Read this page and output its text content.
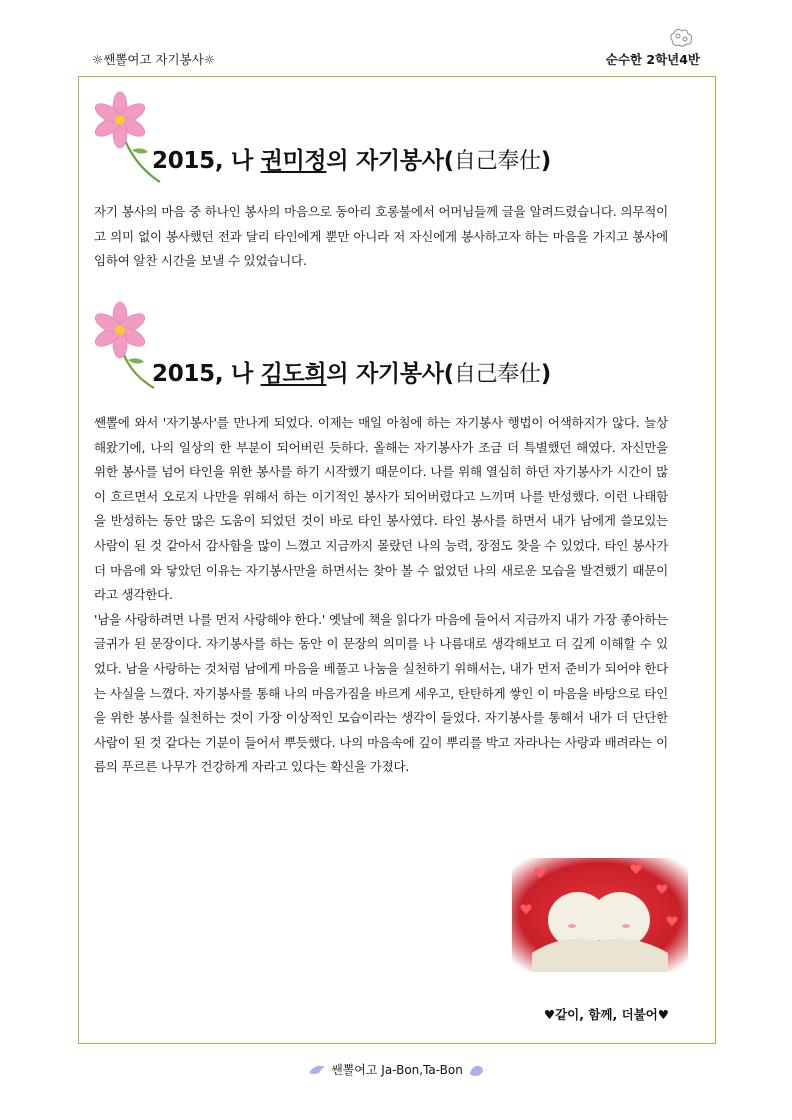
☼쌘뽈여고 자기봉사☼	순수한 2학년4반
2015, 나 권미정의 자기봉사(自己奉仕)

자기 봉사의 마음 중 하나인 봉사의 마음으로 동아리 호롱불에서 어머님들께 글을 알려드렸습니다. 의무적이고 의미 없이 봉사했던 전과 달리 타인에게 뿐만 아니라 저 자신에게 봉사하고자 하는 마음을 가지고 봉사에 임하여 알찬 시간을 보낼 수 있었습니다.

2015, 나 김도희의 자기봉사(自己奉仕)

쌘뽈에 와서 '자기봉사'를 만나게 되었다. 이제는 매일 아침에 하는 자기봉사 행법이 어색하지가 않다. 늘상 해왔기에, 나의 일상의 한 부분이 되어버린 듯하다. 올해는 자기봉사가 조금 더 특별했던 해였다. 자신만을 위한 봉사를 넘어 타인을 위한 봉사를 하기 시작했기 때문이다. 나를 위해 열심히 하던 자기봉사가 시간이 많이 흐르면서 오로지 나만을 위해서 하는 이기적인 봉사가 되어버렸다고 느끼며 나를 반성했다. 이런 나태함을 반성하는 동안 많은 도움이 되었던 것이 바로 타인 봉사였다. 타인 봉사를 하면서 내가 남에게 쓸모있는 사람이 된 것 같아서 감사함을 많이 느꼈고 지금까지 몰랐던 나의 능력, 장점도 찾을 수 있었다. 타인 봉사가 더 마음에 와 닿았던 이유는 자기봉사만을 하면서는 찾아 볼 수 없었던 나의 새로운 모습을 발견했기 때문이라고 생각한다.

'남을 사랑하려면 나를 먼저 사랑해야 한다.' 옛날에 책을 읽다가 마음에 들어서 지금까지 내가 가장 좋아하는 글귀가 된 문장이다. 자기봉사를 하는 동안 이 문장의 의미를 나 나름대로 생각해보고 더 깊게 이해할 수 있었다. 남을 사랑하는 것처럼 남에게 마음을 베풀고 나눔을 실천하기 위해서는, 내가 먼저 준비가 되어야 한다는 사실을 느꼈다. 자기봉사를 통해 나의 마음가짐을 바르게 세우고, 탄탄하게 쌓인 이 마음을 바탕으로 타인을 위한 봉사를 실천하는 것이 가장 이상적인 모습이라는 생각이 들었다. 자기봉사를 통해서 내가 더 단단한 사람이 된 것 같다는 기분이 들어서 뿌듯했다. 나의 마음속에 깊이 뿌리를 박고 자라나는 사랑과 배려라는 이름의 푸르른 나무가 건강하게 자라고 있다는 확신을 가졌다.

♥같이, 함께, 더불어♥
쌘뽈여고 Ja-Bon,Ta-Bon
